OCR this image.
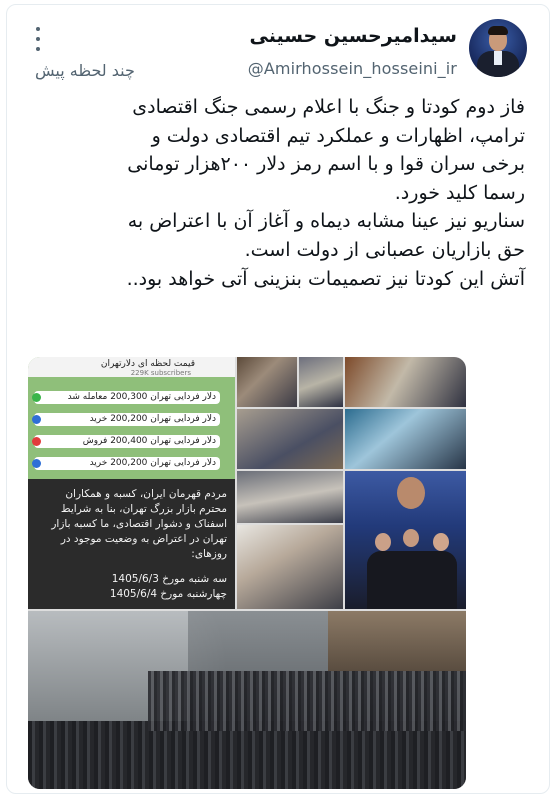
سیدامیرحسین حسینی
@Amirhossein_hosseini_ir
چند لحظه پیش

فاز دوم کودتا و جنگ با اعلام رسمی جنگ اقتصادی
ترامپ، اظهارات و عملکرد تیم اقتصادی دولت و
برخی سران قوا و با اسم رمز دلار ۲۰۰هزار تومانی
رسما کلید خورد.
سناریو نیز عینا مشابه دیماه و آغاز آن با اعتراض به
حق بازاریان عصبانی از دولت است.
آتش این کودتا نیز تصمیمات بنزینی آتی خواهد بود..

قیمت لحظه ای دلارتهران
229K subscribers
دلار فردایی تهران 200,300 معامله شد
دلار فردایی تهران 200,200 خرید
دلار فردایی تهران 200,400 فروش
دلار فردایی تهران 200,200 خرید
مردم قهرمان ایران، کسبه و همکاران محترم بازار بزرگ تهران، بنا به شرایط اسفناک و دشوار اقتصادی، ما کسبه بازار تهران در اعتراض به وضعیت موجود در روزهای:
سه شنبه مورخ 1405/6/3
چهارشنبه مورخ 1405/6/4
